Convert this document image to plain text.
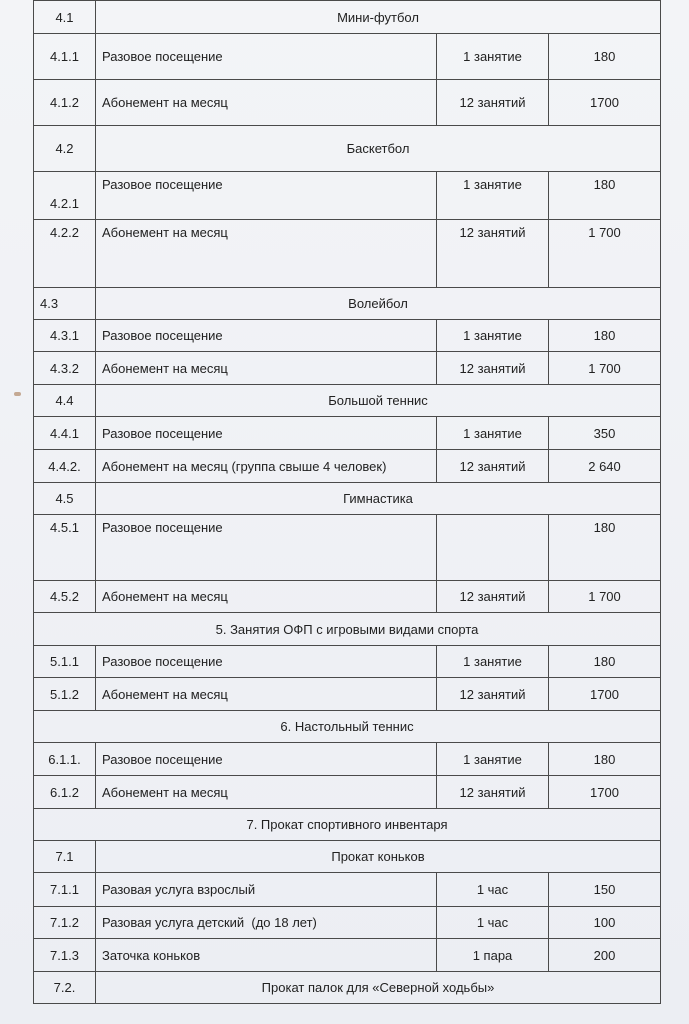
4.1	Мини-футбол		
4.1.1	Разовое посещение	1 занятие	180
4.1.2	Абонемент на месяц	12 занятий	1700
4.2	Баскетбол		
4.2.1	Разовое посещение	1 занятие	180
4.2.2	Абонемент на месяц	12 занятий	1 700
4.3	Волейбол		
4.3.1	Разовое посещение	1 занятие	180
4.3.2	Абонемент на месяц	12 занятий	1 700
4.4	Большой теннис		
4.4.1	Разовое посещение	1 занятие	350
4.4.2.	Абонемент на месяц (группа свыше 4 человек)	12 занятий	2 640
4.5	Гимнастика		
4.5.1	Разовое посещение		180
4.5.2	Абонемент на месяц	12 занятий	1 700
5. Занятия ОФП с игровыми видами спорта			
5.1.1	Разовое посещение	1 занятие	180
5.1.2	Абонемент на месяц	12 занятий	1700
6. Настольный теннис			
6.1.1.	Разовое посещение	1 занятие	180
6.1.2	Абонемент на месяц	12 занятий	1700
7. Прокат спортивного инвентаря			
7.1	Прокат коньков		
7.1.1	Разовая услуга взрослый	1 час	150
7.1.2	Разовая услуга детский  (до 18 лет)	1 час	100
7.1.3	Заточка коньков	1 пара	200
7.2.	Прокат палок для «Северной ходьбы»		
